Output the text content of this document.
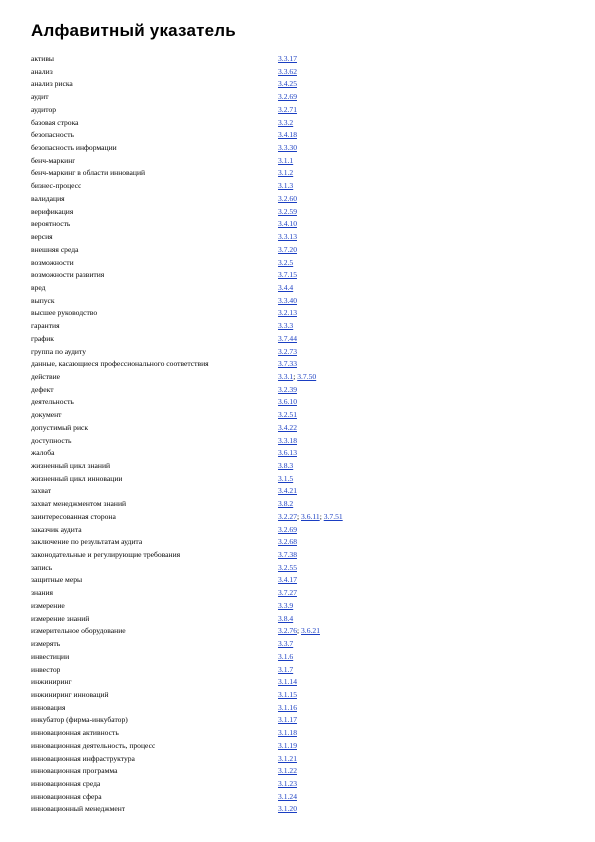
Алфавитный указатель
активы	3.3.17
анализ	3.3.62
анализ риска	3.4.25
аудит	3.2.69
аудитор	3.2.71
базовая строка	3.3.2
безопасность	3.4.18
безопасность информации	3.3.30
бенч-маркинг	3.1.1
бенч-маркинг в области инноваций	3.1.2
бизнес-процесс	3.1.3
валидация	3.2.60
верификация	3.2.59
вероятность	3.4.10
версия	3.3.13
внешняя среда	3.7.20
возможности	3.2.5
возможности развития	3.7.15
вред	3.4.4
выпуск	3.3.40
высшее руководство	3.2.13
гарантия	3.3.3
график	3.7.44
группа по аудиту	3.2.73
данные, касающиеся профессионального соответствия	3.7.33
действие	3.3.1; 3.7.50
дефект	3.2.39
деятельность	3.6.10
документ	3.2.51
допустимый риск	3.4.22
доступность	3.3.18
жалоба	3.6.13
жизненный цикл знаний	3.8.3
жизненный цикл инновации	3.1.5
захват	3.4.21
захват менеджментом знаний	3.8.2
заинтересованная сторона	3.2.27; 3.6.11; 3.7.51
заказчик аудита	3.2.69
заключение по результатам аудита	3.2.68
законодательные и регулирующие требования	3.7.38
запись	3.2.55
защитные меры	3.4.17
знания	3.7.27
измерение	3.3.9
измерение знаний	3.8.4
измерительное оборудование	3.2.76; 3.6.21
измерять	3.3.7
инвестиции	3.1.6
инвестор	3.1.7
инжиниринг	3.1.14
инжиниринг инноваций	3.1.15
инновация	3.1.16
инкубатор (фирма-инкубатор)	3.1.17
инновационная активность	3.1.18
инновационная деятельность, процесс	3.1.19
инновационная инфраструктура	3.1.21
инновационная программа	3.1.22
инновационная среда	3.1.23
инновационная сфера	3.1.24
инновационный менеджмент	3.1.20
